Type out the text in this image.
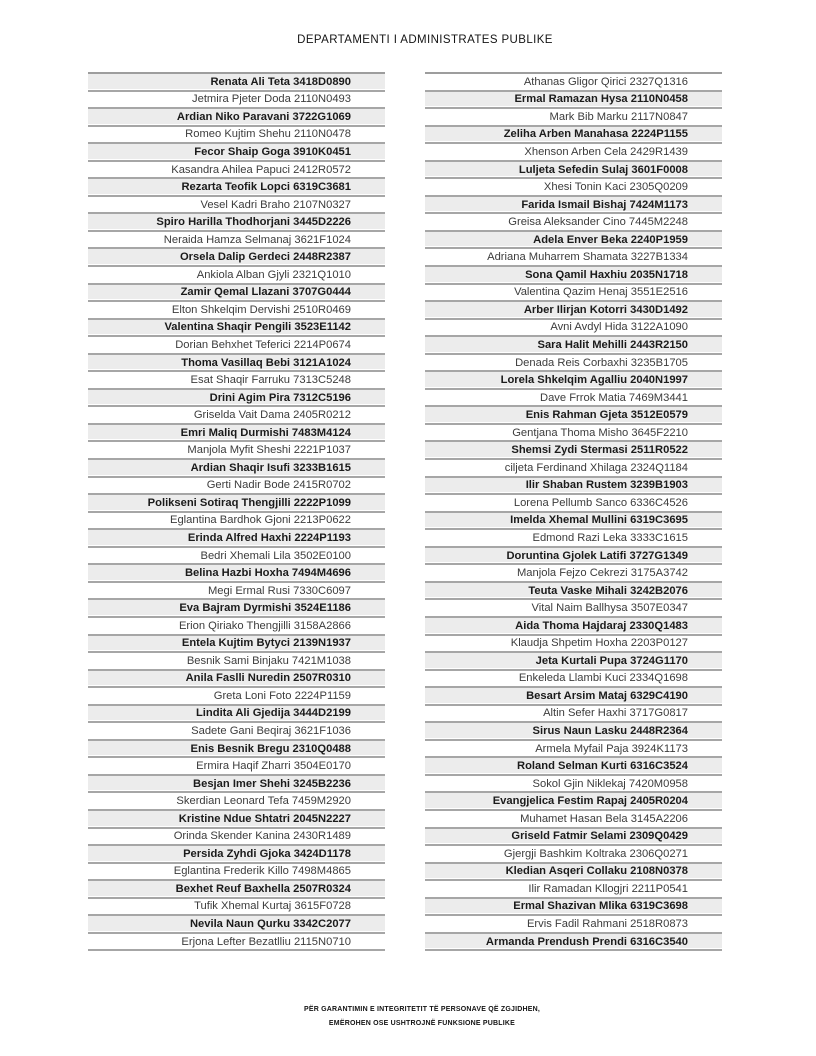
DEPARTAMENTI I ADMINISTRATES PUBLIKE
Renata Ali Teta 3418D0890
Jetmira Pjeter Doda 2110N0493
Ardian Niko Paravani 3722G1069
Romeo Kujtim Shehu 2110N0478
Fecor Shaip Goga 3910K0451
Kasandra Ahilea Papuci 2412R0572
Rezarta Teofik Lopci 6319C3681
Vesel Kadri Braho 2107N0327
Spiro Harilla Thodhorjani 3445D2226
Neraida Hamza Selmanaj 3621F1024
Orsela Dalip Gerdeci 2448R2387
Ankiola Alban Gjyli 2321Q1010
Zamir Qemal Llazani 3707G0444
Elton Shkelqim Dervishi 2510R0469
Valentina Shaqir Pengili 3523E1142
Dorian Behxhet Teferici 2214P0674
Thoma Vasillaq Bebi 3121A1024
Esat Shaqir Farruku 7313C5248
Drini Agim Pira 7312C5196
Griselda Vait Dama 2405R0212
Emri Maliq Durmishi 7483M4124
Manjola Myfit Sheshi 2221P1037
Ardian Shaqir Isufi 3233B1615
Gerti Nadir Bode 2415R0702
Polikseni Sotiraq Thengjilli 2222P1099
Eglantina Bardhok Gjoni 2213P0622
Erinda Alfred Haxhi 2224P1193
Bedri Xhemali Lila 3502E0100
Belina Hazbi Hoxha 7494M4696
Megi Ermal Rusi 7330C6097
Eva Bajram Dyrmishi 3524E1186
Erion Qiriako Thengjilli 3158A2866
Entela Kujtim Bytyci 2139N1937
Besnik Sami Binjaku 7421M1038
Anila Faslli Nuredin 2507R0310
Greta Loni Foto 2224P1159
Lindita Ali Gjedija 3444D2199
Sadete Gani Beqiraj 3621F1036
Enis Besnik Bregu 2310Q0488
Ermira Haqif Zharri 3504E0170
Besjan Imer Shehi 3245B2236
Skerdian Leonard Tefa 7459M2920
Kristine Ndue Shtatri 2045N2227
Orinda Skender Kanina 2430R1489
Persida Zyhdi Gjoka 3424D1178
Eglantina Frederik Killo 7498M4865
Bexhet Reuf Baxhella 2507R0324
Tufik Xhemal Kurtaj 3615F0728
Nevila Naun Qurku 3342C2077
Erjona Lefter Bezatlliu 2115N0710
Athanas Gligor Qirici 2327Q1316
Ermal Ramazan Hysa 2110N0458
Mark Bib Marku 2117N0847
Zeliha Arben Manahasa 2224P1155
Xhenson Arben Cela 2429R1439
Luljeta Sefedin Sulaj 3601F0008
Xhesi Tonin Kaci 2305Q0209
Farida Ismail Bishaj 7424M1173
Greisa Aleksander Cino 7445M2248
Adela Enver Beka 2240P1959
Adriana Muharrem Shamata 3227B1334
Sona Qamil Haxhiu 2035N1718
Valentina Qazim Henaj 3551E2516
Arber Ilirjan Kotorri 3430D1492
Avni Avdyl Hida 3122A1090
Sara Halit Mehilli 2443R2150
Denada Reis Corbaxhi 3235B1705
Lorela Shkelqim Agalliu 2040N1997
Dave Frrok Matia 7469M3441
Enis Rahman Gjeta 3512E0579
Gentjana Thoma Misho 3645F2210
Shemsi Zydi Stermasi 2511R0522
ciljeta Ferdinand Xhilaga 2324Q1184
Ilir Shaban Rustem 3239B1903
Lorena Pellumb Sanco 6336C4526
Imelda Xhemal Mullini 6319C3695
Edmond Razi Leka 3333C1615
Doruntina Gjolek Latifi 3727G1349
Manjola Fejzo Cekrezi 3175A3742
Teuta Vaske Mihali 3242B2076
Vital Naim Ballhysa 3507E0347
Aida Thoma Hajdaraj 2330Q1483
Klaudja Shpetim Hoxha 2203P0127
Jeta Kurtali Pupa 3724G1170
Enkeleda Llambi Kuci 2334Q1698
Besart Arsim Mataj 6329C4190
Altin Sefer Haxhi 3717G0817
Sirus Naun Lasku 2448R2364
Armela Myfail Paja 3924K1173
Roland Selman Kurti 6316C3524
Sokol Gjin Niklekaj 7420M0958
Evangjelica Festim Rapaj 2405R0204
Muhamet Hasan Bela 3145A2206
Griseld Fatmir Selami 2309Q0429
Gjergji Bashkim Koltraka 2306Q0271
Kledian Asqeri Collaku 2108N0378
Ilir Ramadan Kllogjri 2211P0541
Ermal Shazivan Mlika 6319C3698
Ervis Fadil Rahmani 2518R0873
Armanda Prendush Prendi 6316C3540
PËR GARANTIMIN E INTEGRITETIT TË PERSONAVE QË ZGJIDHEN,
EMËROHEN OSE USHTROJNË FUNKSIONE PUBLIKE
